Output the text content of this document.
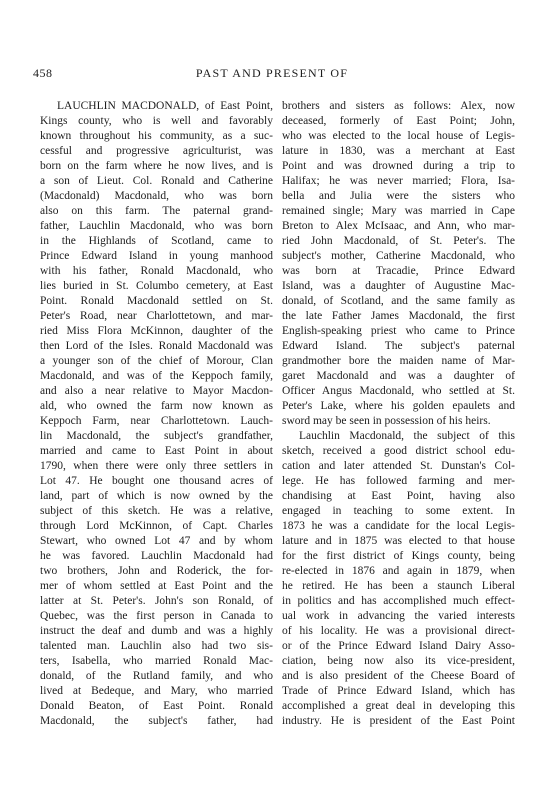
458	PAST AND PRESENT OF
LAUCHLIN MACDONALD, of East Point,
Kings county, who is well and favorably
known throughout his community, as a suc-
cessful and progressive agriculturist, was
born on the farm where he now lives, and is
a son of Lieut. Col. Ronald and Catherine
(Macdonald) Macdonald, who was born
also on this farm. The paternal grand-
father, Lauchlin Macdonald, who was born
in the Highlands of Scotland, came to
Prince Edward Island in young manhood
with his father, Ronald Macdonald, who
lies buried in St. Columbo cemetery, at East
Point. Ronald Macdonald settled on St.
Peter's Road, near Charlottetown, and mar-
ried Miss Flora McKinnon, daughter of the
then Lord of the Isles. Ronald Macdonald was
a younger son of the chief of Morour, Clan
Macdonald, and was of the Keppoch family,
and also a near relative to Mayor Macdon-
ald, who owned the farm now known as
Keppoch Farm, near Charlottetown. Lauch-
lin Macdonald, the subject's grandfather,
married and came to East Point in about
1790, when there were only three settlers in
Lot 47. He bought one thousand acres of
land, part of which is now owned by the
subject of this sketch. He was a relative,
through Lord McKinnon, of Capt. Charles
Stewart, who owned Lot 47 and by whom
he was favored. Lauchlin Macdonald had
two brothers, John and Roderick, the for-
mer of whom settled at East Point and the
latter at St. Peter's. John's son Ronald, of
Quebec, was the first person in Canada to
instruct the deaf and dumb and was a highly
talented man. Lauchlin also had two sis-
ters, Isabella, who married Ronald Mac-
donald, of the Rutland family, and who
lived at Bedeque, and Mary, who married
Donald Beaton, of East Point. Ronald
Macdonald, the subject's father, had
brothers and sisters as follows: Alex, now
deceased, formerly of East Point; John,
who was elected to the local house of Legis-
lature in 1830, was a merchant at East
Point and was drowned during a trip to
Halifax; he was never married; Flora, Isa-
bella and Julia were the sisters who
remained single; Mary was married in Cape
Breton to Alex McIsaac, and Ann, who mar-
ried John Macdonald, of St. Peter's. The
subject's mother, Catherine Macdonald, who
was born at Tracadie, Prince Edward
Island, was a daughter of Augustine Mac-
donald, of Scotland, and the same family as
the late Father James Macdonald, the first
English-speaking priest who came to Prince
Edward Island. The subject's paternal
grandmother bore the maiden name of Mar-
garet Macdonald and was a daughter of
Officer Angus Macdonald, who settled at St.
Peter's Lake, where his golden epaulets and
sword may be seen in possession of his heirs.
Lauchlin Macdonald, the subject of this
sketch, received a good district school edu-
cation and later attended St. Dunstan's Col-
lege. He has followed farming and mer-
chandising at East Point, having also
engaged in teaching to some extent. In
1873 he was a candidate for the local Legis-
lature and in 1875 was elected to that house
for the first district of Kings county, being
re-elected in 1876 and again in 1879, when
he retired. He has been a staunch Liberal
in politics and has accomplished much effect-
ual work in advancing the varied interests
of his locality. He was a provisional direct-
or of the Prince Edward Island Dairy Asso-
ciation, being now also its vice-president,
and is also president of the Cheese Board of
Trade of Prince Edward Island, which has
accomplished a great deal in developing this
industry. He is president of the East Point
